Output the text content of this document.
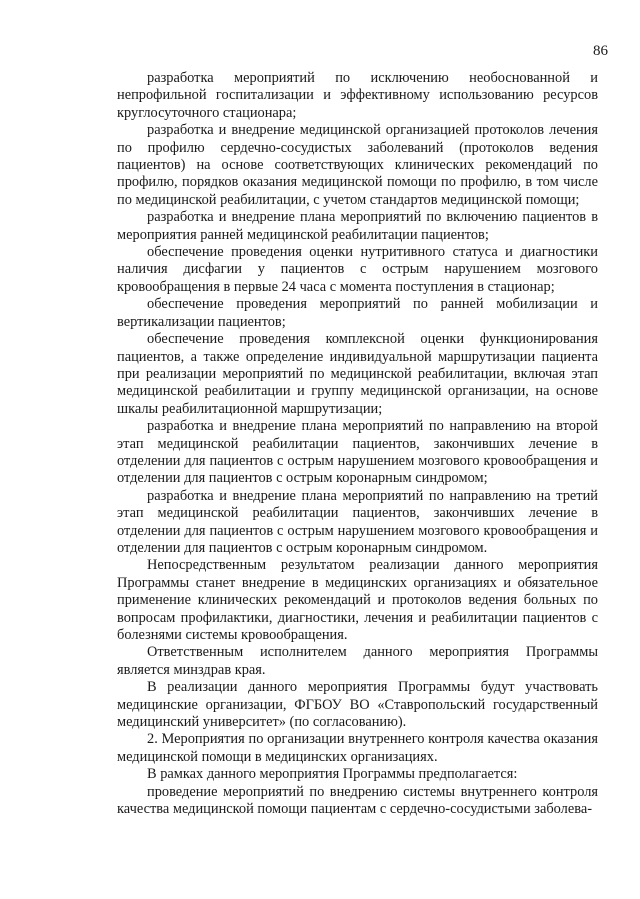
86

разработка мероприятий по исключению необоснованной и непрофильной госпитализации и эффективному использованию ресурсов круглосуточного стационара;

разработка и внедрение медицинской организацией протоколов лечения по профилю сердечно-сосудистых заболеваний (протоколов ведения пациентов) на основе соответствующих клинических рекомендаций по профилю, порядков оказания медицинской помощи по профилю, в том числе по медицинской реабилитации, с учетом стандартов медицинской помощи;

разработка и внедрение плана мероприятий по включению пациентов в мероприятия ранней медицинской реабилитации пациентов;

обеспечение проведения оценки нутритивного статуса и диагностики наличия дисфагии у пациентов с острым нарушением мозгового кровообращения в первые 24 часа с момента поступления в стационар;

обеспечение проведения мероприятий по ранней мобилизации и вертикализации пациентов;

обеспечение проведения комплексной оценки функционирования пациентов, а также определение индивидуальной маршрутизации пациента при реализации мероприятий по медицинской реабилитации, включая этап медицинской реабилитации и группу медицинской организации, на основе шкалы реабилитационной маршрутизации;

разработка и внедрение плана мероприятий по направлению на второй этап медицинской реабилитации пациентов, закончивших лечение в отделении для пациентов с острым нарушением мозгового кровообращения и отделении для пациентов с острым коронарным синдромом;

разработка и внедрение плана мероприятий по направлению на третий этап медицинской реабилитации пациентов, закончивших лечение в отделении для пациентов с острым нарушением мозгового кровообращения и отделении для пациентов с острым коронарным синдромом.

Непосредственным результатом реализации данного мероприятия Программы станет внедрение в медицинских организациях и обязательное применение клинических рекомендаций и протоколов ведения больных по вопросам профилактики, диагностики, лечения и реабилитации пациентов с болезнями системы кровообращения.

Ответственным исполнителем данного мероприятия Программы является минздрав края.

В реализации данного мероприятия Программы будут участвовать медицинские организации, ФГБОУ ВО «Ставропольский государственный медицинский университет» (по согласованию).

2. Мероприятия по организации внутреннего контроля качества оказания медицинской помощи в медицинских организациях.

В рамках данного мероприятия Программы предполагается:

проведение мероприятий по внедрению системы внутреннего контроля качества медицинской помощи пациентам с сердечно-сосудистыми заболева-
